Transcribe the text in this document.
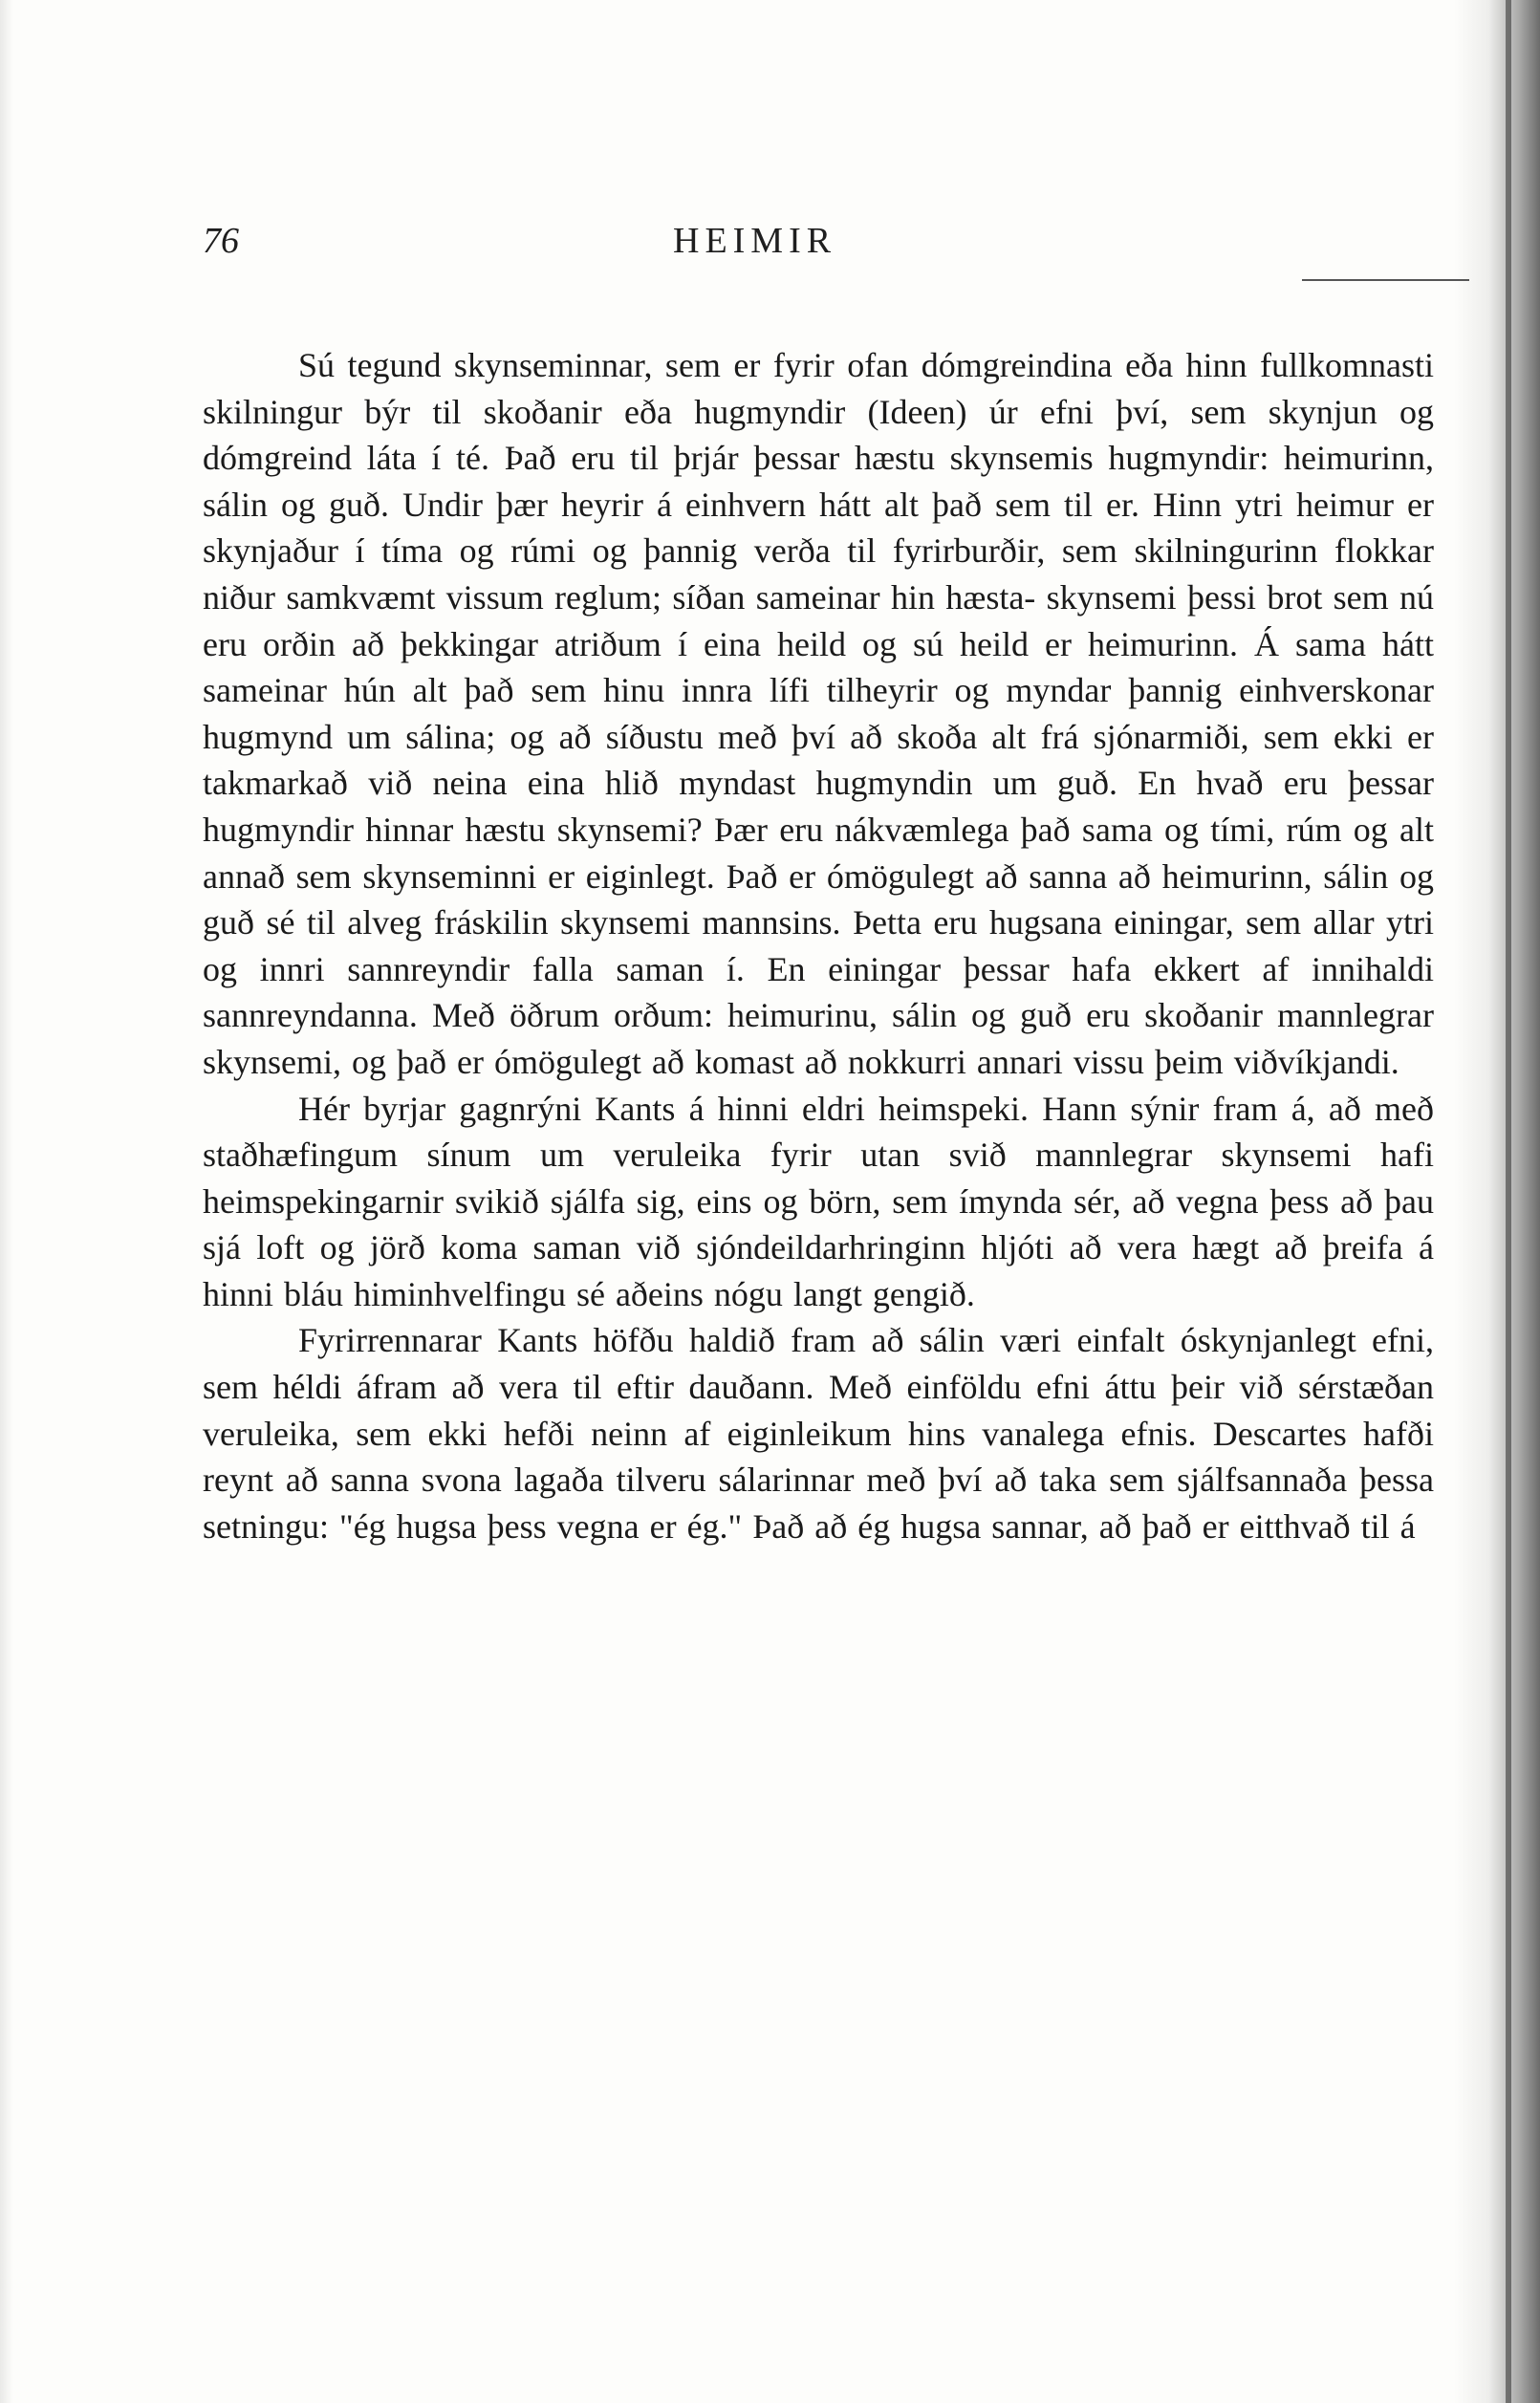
76	HEIMIR

Sú tegund skynseminnar, sem er fyrir ofan dómgreindina eða hinn fullkomnasti skilningur býr til skoðanir eða hugmyndir (Ideen) úr efni því, sem skynjun og dómgreind láta í té. Það eru til þrjár þessar hæstu skynsemis hugmyndir: heimurinn, sálin og guð. Undir þær heyrir á einhvern hátt alt það sem til er. Hinn ytri heimur er skynjaður í tíma og rúmi og þannig verða til fyrirburðir, sem skilningurinn flokkar niður samkvæmt vissum reglum; síðan sameinar hin hæsta- skynsemi þessi brot sem nú eru orðin að þekkingar atriðum í eina heild og sú heild er heimurinn. Á sama hátt sameinar hún alt það sem hinu innra lífi tilheyrir og myndar þannig einhverskonar hugmynd um sálina; og að síðustu með því að skoða alt frá sjónarmiði, sem ekki er takmarkað við neina eina hlið myndast hugmyndin um guð. En hvað eru þessar hugmyndir hinnar hæstu skynsemi? Þær eru nákvæmlega það sama og tími, rúm og alt annað sem skynseminni er eiginlegt. Það er ómögulegt að sanna að heimurinn, sálin og guð sé til alveg fráskilin skynsemi mannsins. Þetta eru hugsana einingar, sem allar ytri og innri sannreyndir falla saman í. En einingar þessar hafa ekkert af innihaldi sannreyndanna. Með öðrum orðum: heimurinu, sálin og guð eru skoðanir mannlegrar skynsemi, og það er ómögulegt að komast að nokkurri annari vissu þeim viðvíkjandi.

Hér byrjar gagnrýni Kants á hinni eldri heimspeki. Hann sýnir fram á, að með staðhæfingum sínum um veruleika fyrir utan svið mannlegrar skynsemi hafi heimspekingarnir svikið sjálfa sig, eins og börn, sem ímynda sér, að vegna þess að þau sjá loft og jörð koma saman við sjóndeildarhringinn hljóti að vera hægt að þreifa á hinni bláu himinhvelfingu sé aðeins nógu langt gengið.

Fyrirrennarar Kants höfðu haldið fram að sálin væri einfalt óskynjanlegt efni, sem héldi áfram að vera til eftir dauðann. Með einföldu efni áttu þeir við sérstæðan veruleika, sem ekki hefði neinn af eiginleikum hins vanalega efnis. Descartes hafði reynt að sanna svona lagaða tilveru sálarinnar með því að taka sem sjálfsannaða þessa setningu: "ég hugsa þess vegna er ég." Það að ég hugsa sannar, að það er eitthvað til á
